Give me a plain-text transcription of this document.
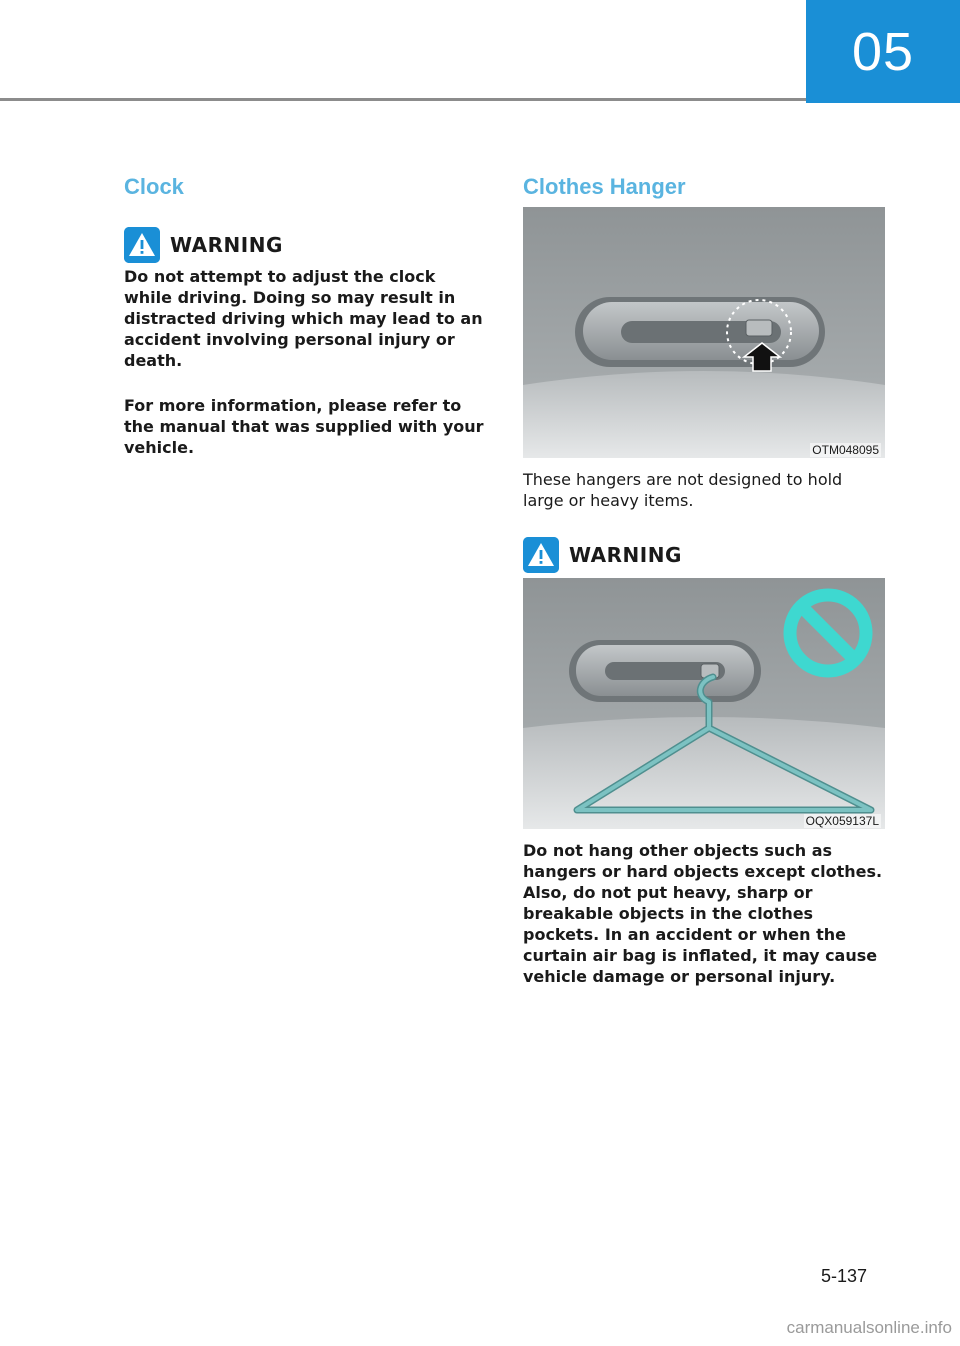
05
Clock
WARNING

Do not attempt to adjust the clock while driving. Doing so may result in distracted driving which may lead to an accident involving personal injury or death.

For more information, please refer to the manual that was supplied with your vehicle.

Clothes Hanger
OTM048095

These hangers are not designed to hold large or heavy items.

WARNING
OQX059137L

Do not hang other objects such as hangers or hard objects except clothes. Also, do not put heavy, sharp or breakable objects in the clothes pockets. In an accident or when the curtain air bag is inflated, it may cause vehicle damage or personal injury.

5-137
carmanualsonline.info
